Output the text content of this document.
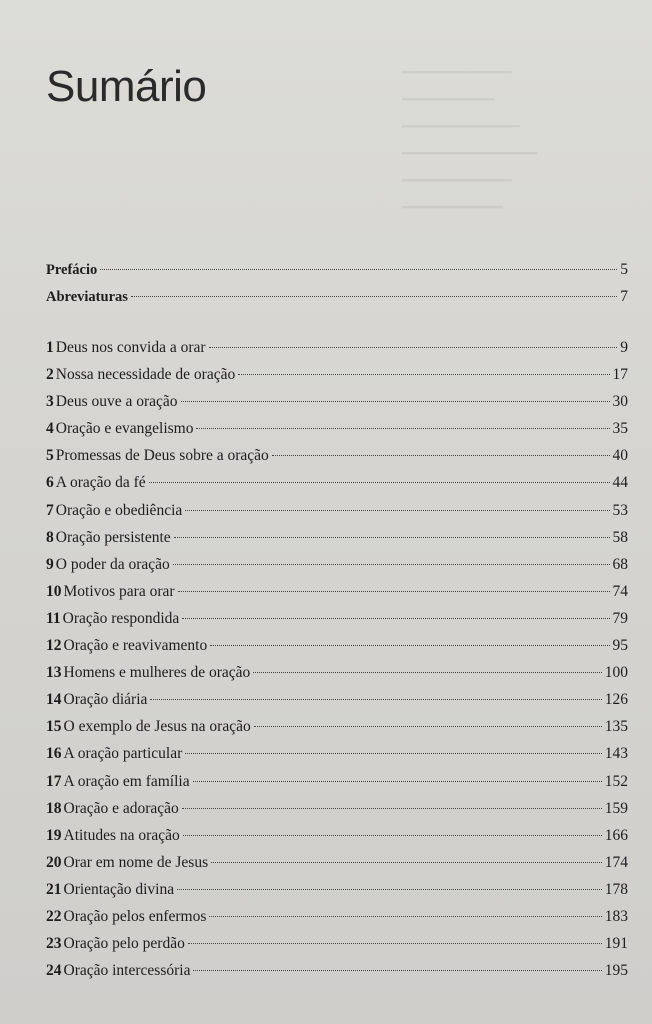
━━━━━━━━━━━━━
━━━━━━━━━━━
━━━━━━━━━━━━━━
━━━━━━━━━━━━━━━━
━━━━━━━━━━━━━
━━━━━━━━━━━━
Sumário
Prefácio	5
Abreviaturas	7
1 Deus nos convida a orar	9
2 Nossa necessidade de oração	17
3 Deus ouve a oração	30
4 Oração e evangelismo	35
5 Promessas de Deus sobre a oração	40
6 A oração da fé	44
7 Oração e obediência	53
8 Oração persistente	58
9 O poder da oração	68
10 Motivos para orar	74
11 Oração respondida	79
12 Oração e reavivamento	95
13 Homens e mulheres de oração	100
14 Oração diária	126
15 O exemplo de Jesus na oração	135
16 A oração particular	143
17 A oração em família	152
18 Oração e adoração	159
19 Atitudes na oração	166
20 Orar em nome de Jesus	174
21 Orientação divina	178
22 Oração pelos enfermos	183
23 Oração pelo perdão	191
24 Oração intercessória	195
